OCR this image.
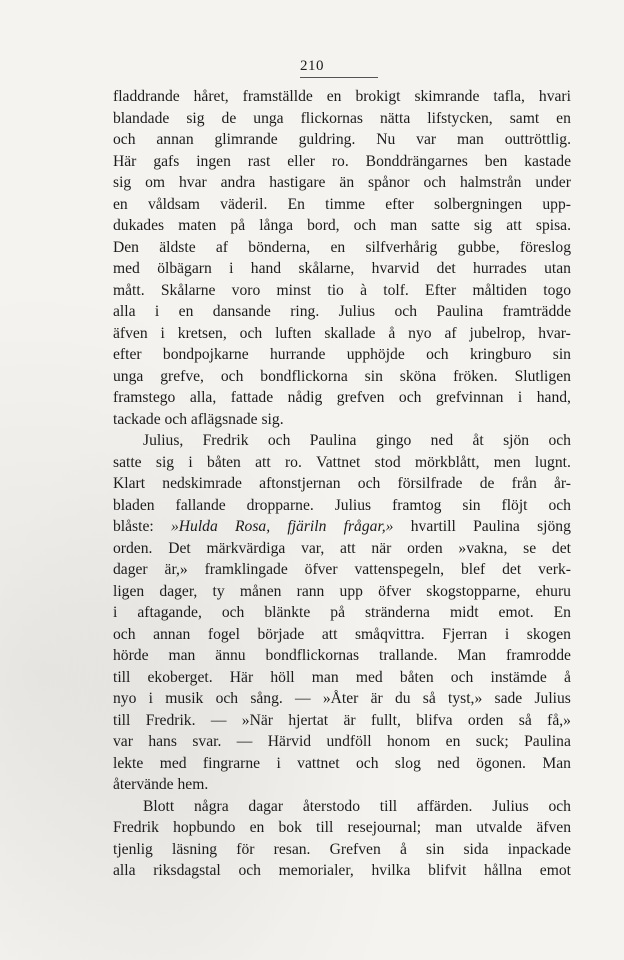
210
fladdrande håret, framställde en brokigt skimrande tafla, hvari
blandade sig de unga flickornas nätta lifstycken, samt en
och annan glimrande guldring. Nu var man outtröttlig.
Här gafs ingen rast eller ro. Bonddrängarnes ben kastade
sig om hvar andra hastigare än spånor och halmstrån under
en våldsam väderil. En timme efter solbergningen upp-
dukades maten på långa bord, och man satte sig att spisa.
Den äldste af bönderna, en silfverhårig gubbe, föreslog
med ölbägarn i hand skålarne, hvarvid det hurrades utan
mått. Skålarne voro minst tio à tolf. Efter måltiden togo
alla i en dansande ring. Julius och Paulina framträdde
äfven i kretsen, och luften skallade å nyo af jubelrop, hvar-
efter bondpojkarne hurrande upphöjde och kringburo sin
unga grefve, och bondflickorna sin sköna fröken. Slutligen
framstego alla, fattade nådig grefven och grefvinnan i hand,
tackade och aflägsnade sig.
Julius, Fredrik och Paulina gingo ned åt sjön och
satte sig i båten att ro. Vattnet stod mörkblått, men lugnt.
Klart nedskimrade aftonstjernan och försilfrade de från år-
bladen fallande dropparne. Julius framtog sin flöjt och
blåste: »Hulda Rosa, fjäriln frågar,» hvartill Paulina sjöng
orden. Det märkvärdiga var, att när orden »vakna, se det
dager är,» framklingade öfver vattenspegeln, blef det verk-
ligen dager, ty månen rann upp öfver skogstopparne, ehuru
i aftagande, och blänkte på stränderna midt emot. En
och annan fogel började att småqvittra. Fjerran i skogen
hörde man ännu bondflickornas trallande. Man framrodde
till ekoberget. Här höll man med båten och instämde å
nyo i musik och sång. — »Åter är du så tyst,» sade Julius
till Fredrik. — »När hjertat är fullt, blifva orden så få,»
var hans svar. — Härvid undföll honom en suck; Paulina
lekte med fingrarne i vattnet och slog ned ögonen. Man
återvände hem.
Blott några dagar återstodo till affärden. Julius och
Fredrik hopbundo en bok till resejournal; man utvalde äfven
tjenlig läsning för resan. Grefven å sin sida inpackade
alla riksdagstal och memorialer, hvilka blifvit hållna emot
